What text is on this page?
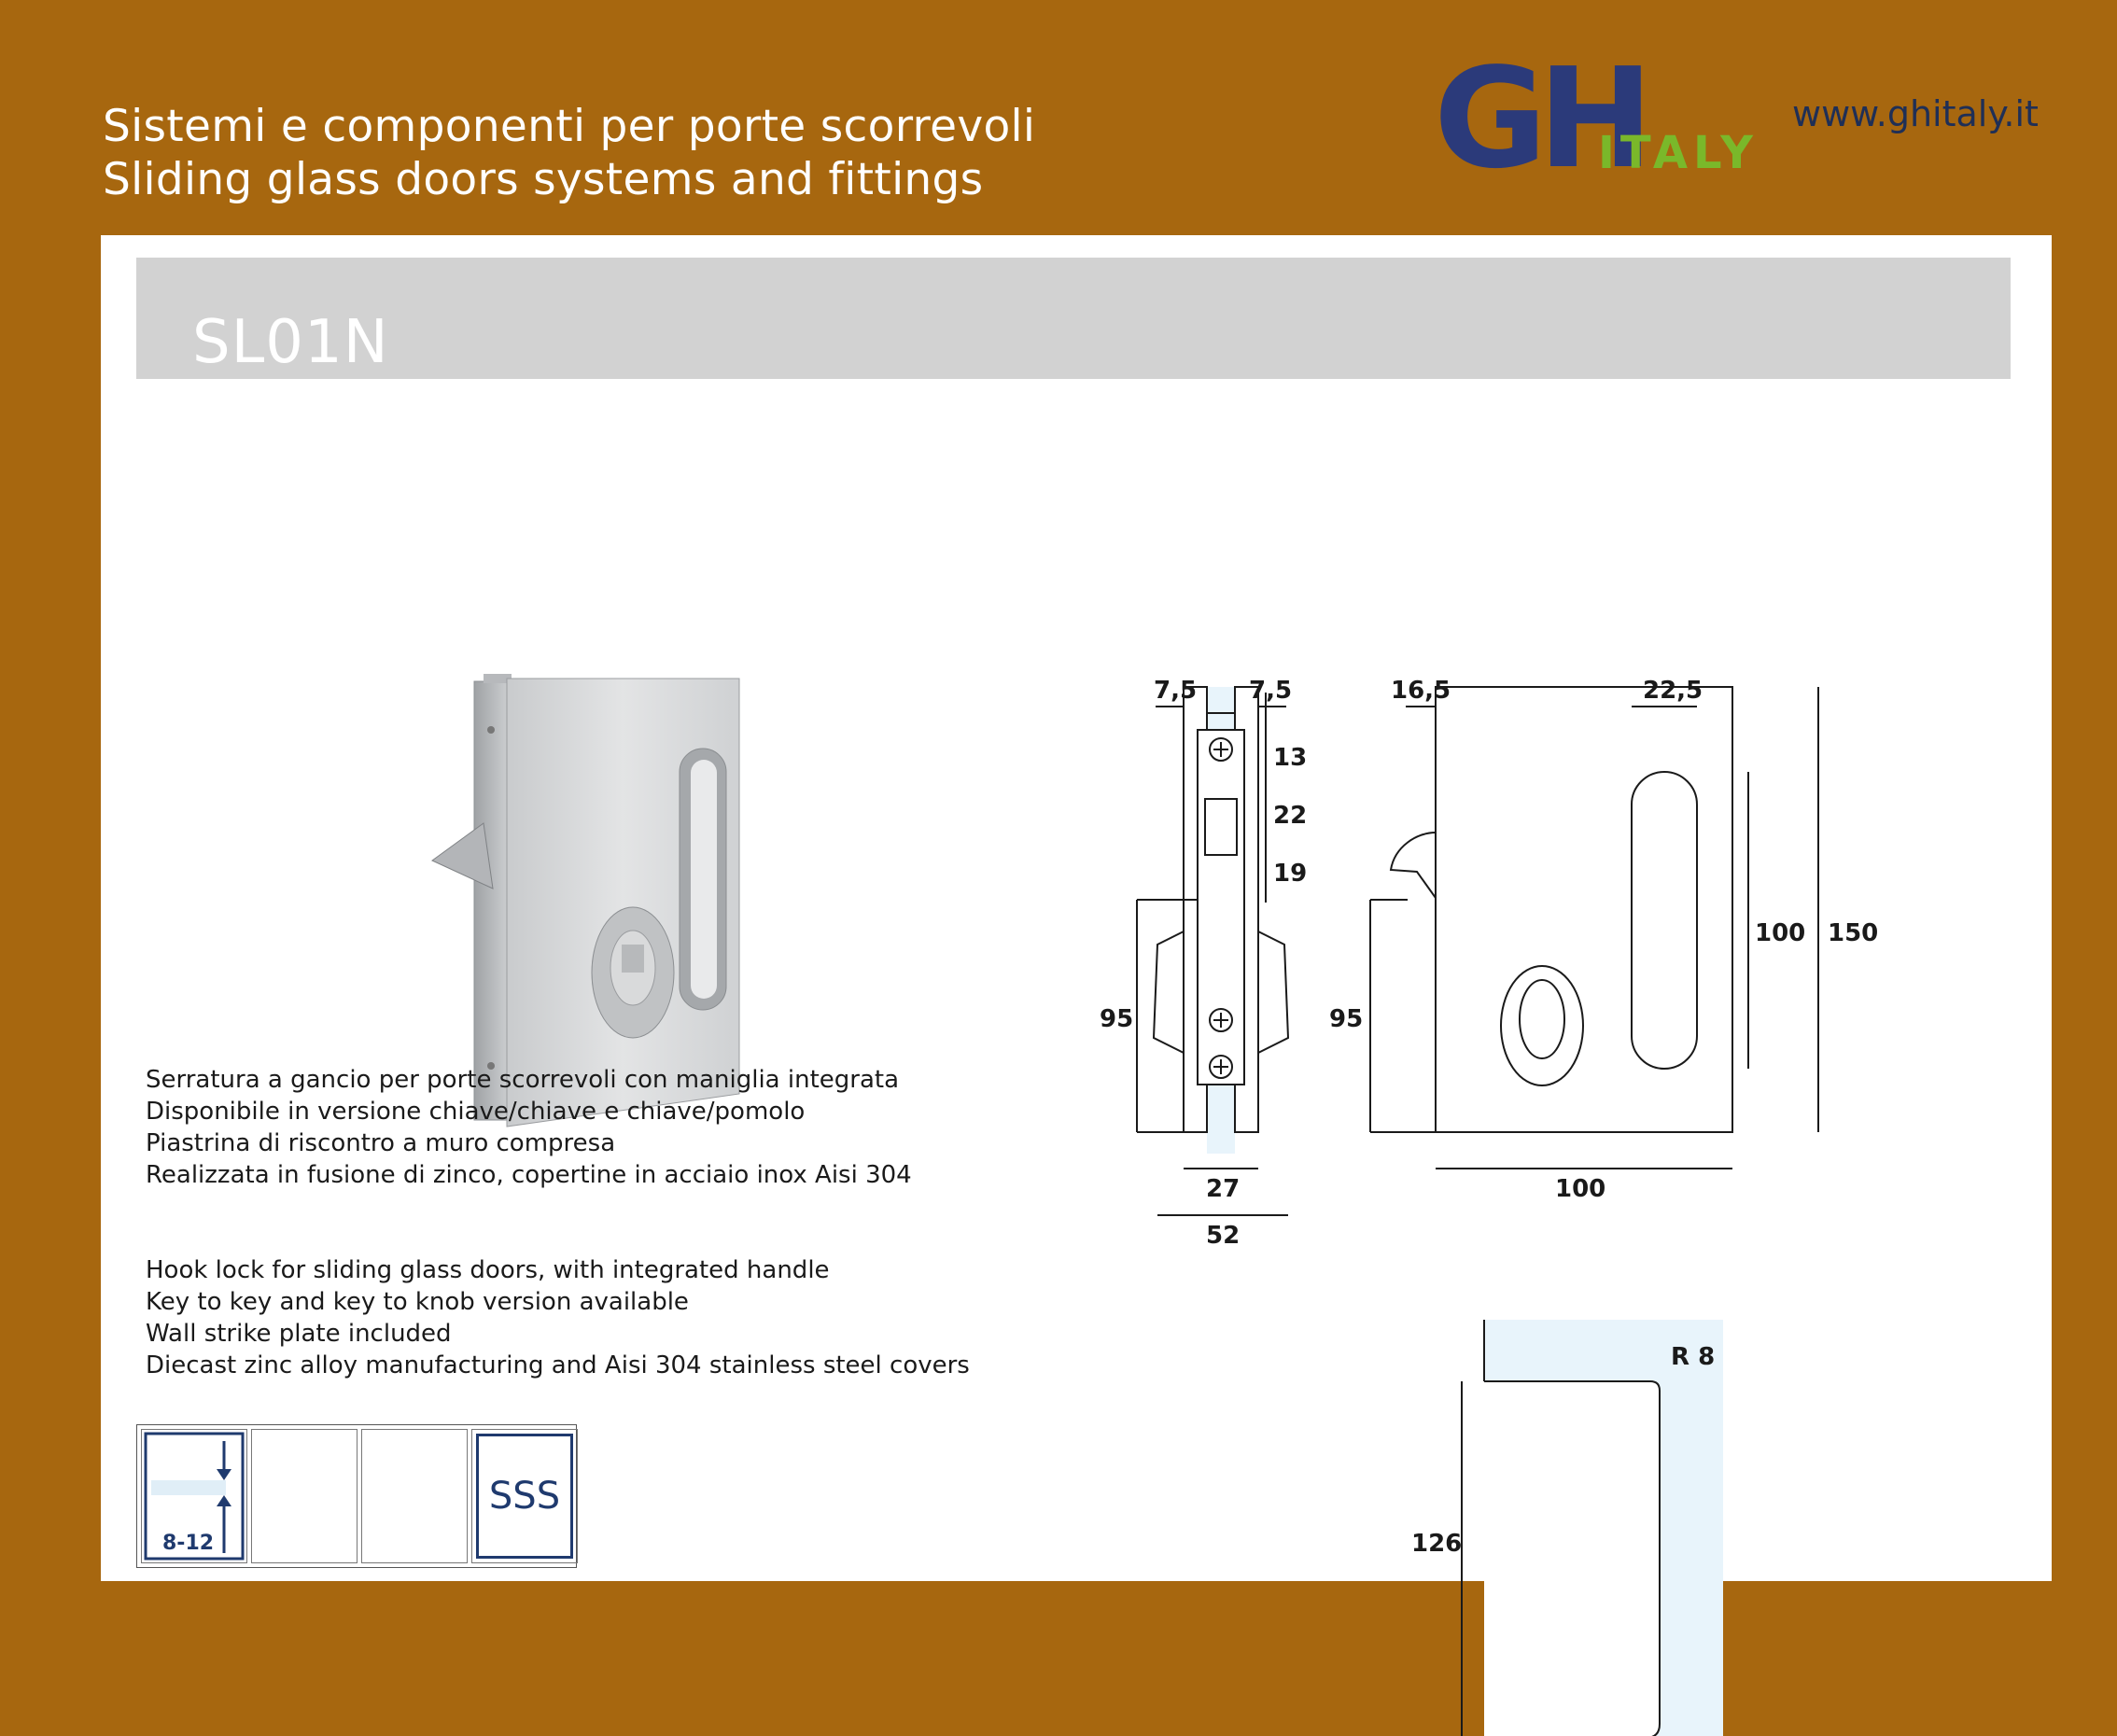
Sistemi e componenti per porte scorrevoli
Sliding glass doors systems and fittings	GH
ITALY
www.ghitaly.it
SL01N
7,5 7,5
13
22
19
95
27
52
16,5	22,5
95
100 150
100
R 8
126
Serratura a gancio per porte scorrevoli con maniglia integrata
Disponibile in versione chiave/chiave e chiave/pomolo
Piastrina di riscontro a muro compresa
Realizzata in fusione di zinco, copertine in acciaio inox Aisi 304
Hook lock for sliding glass doors, with integrated handle
Key to key and key to knob version available
Wall strike plate included
Diecast zinc alloy manufacturing and Aisi 304 stainless steel covers
8-12
SSS
